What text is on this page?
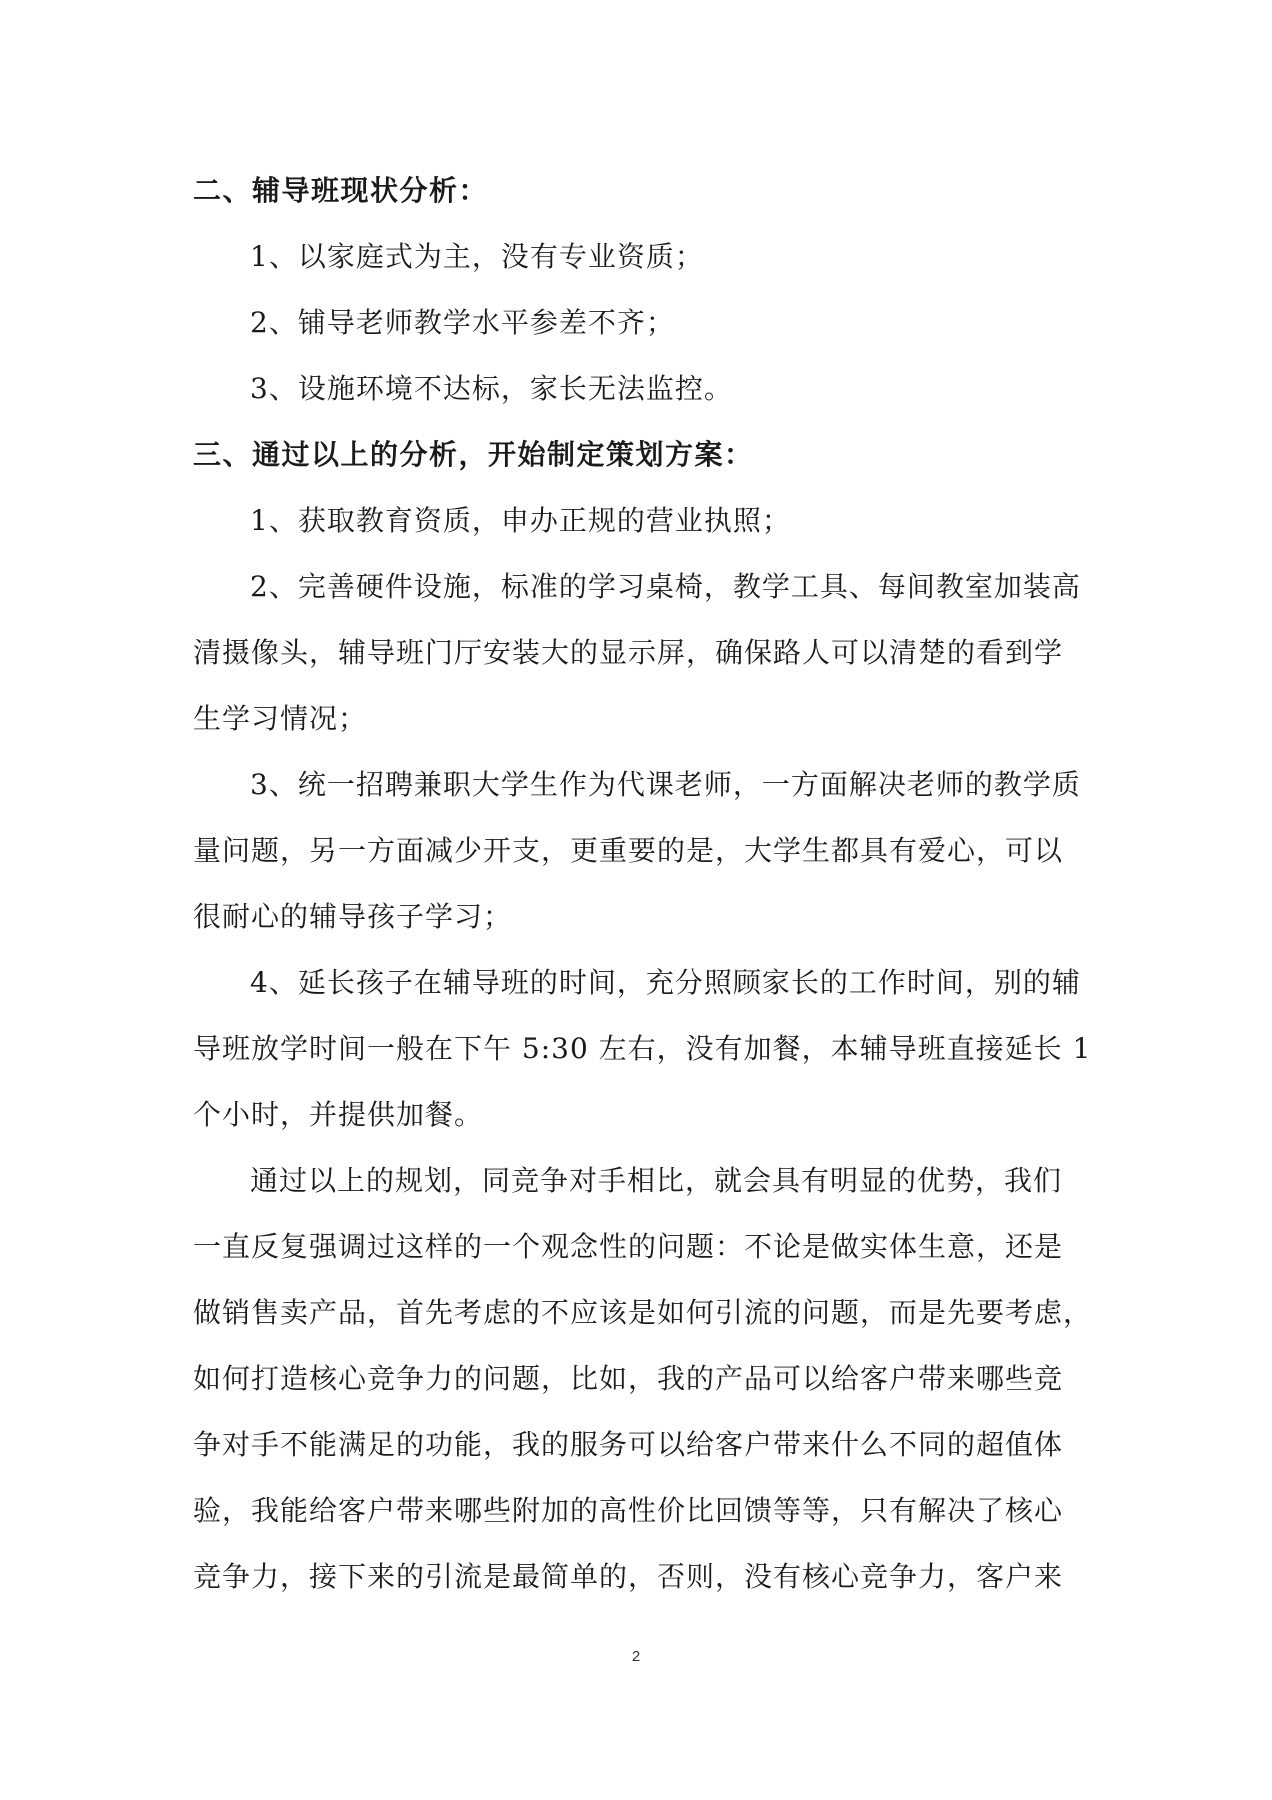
二、辅导班现状分析：
1、以家庭式为主，没有专业资质；
2、铺导老师教学水平参差不齐；
3、设施环境不达标，家长无法监控。
三、通过以上的分析，开始制定策划方案：
1、获取教育资质，申办正规的营业执照；
2、完善硬件设施，标准的学习桌椅，教学工具、每间教室加装高
清摄像头，辅导班门厅安装大的显示屏，确保路人可以清楚的看到学
生学习情况；
3、统一招聘兼职大学生作为代课老师，一方面解决老师的教学质
量问题，另一方面减少开支，更重要的是，大学生都具有爱心，可以
很耐心的辅导孩子学习；
4、延长孩子在辅导班的时间，充分照顾家长的工作时间，别的辅
导班放学时间一般在下午 5:30 左右，没有加餐，本辅导班直接延长 1
个小时，并提供加餐。
通过以上的规划，同竞争对手相比，就会具有明显的优势，我们
一直反复强调过这样的一个观念性的问题：不论是做实体生意，还是
做销售卖产品，首先考虑的不应该是如何引流的问题，而是先要考虑，
如何打造核心竞争力的问题，比如，我的产品可以给客户带来哪些竞
争对手不能满足的功能，我的服务可以给客户带来什么不同的超值体
验，我能给客户带来哪些附加的高性价比回馈等等，只有解决了核心
竞争力，接下来的引流是最简单的，否则，没有核心竞争力，客户来
2
